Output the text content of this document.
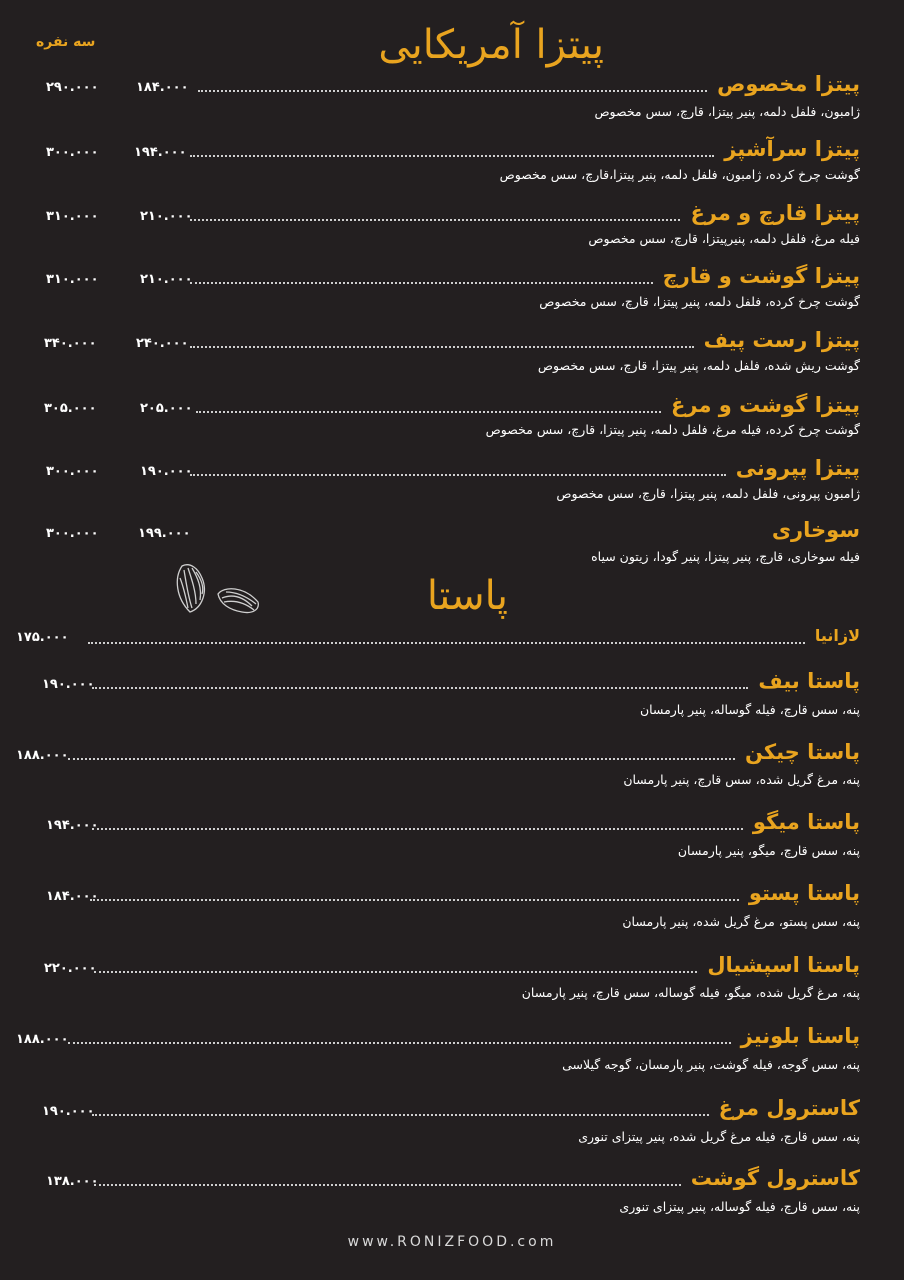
پیتزا آمریکایی
سه نفره
پیتزا مخصوص
۱۸۴.۰۰۰
۲۹۰.۰۰۰
ژامبون، فلفل دلمه، پنیر پیتزا، قارچ، سس مخصوص
پیتزا سرآشپز
۱۹۴.۰۰۰
۳۰۰.۰۰۰
گوشت چرخ کرده، ژامبون، فلفل دلمه، پنیر پیتزا،قارچ، سس مخصوص
پیتزا قارچ و مرغ
۲۱۰.۰۰۰
۳۱۰.۰۰۰
فیله مرغ، فلفل دلمه، پنیرپیتزا، قارچ، سس مخصوص
پیتزا گوشت و قارچ
۲۱۰.۰۰۰
۳۱۰.۰۰۰
گوشت چرخ کرده، فلفل دلمه، پنیر پیتزا، قارچ، سس مخصوص
پیتزا رست پیف
۲۴۰.۰۰۰
۳۴۰.۰۰۰
گوشت ریش شده، فلفل دلمه، پنیر پیتزا، قارچ، سس مخصوص
پیتزا گوشت و مرغ
۲۰۵.۰۰۰
۳۰۵.۰۰۰
گوشت چرخ کرده، فیله مرغ، فلفل دلمه، پنیر پیتزا، قارچ، سس مخصوص
پیتزا پپرونی
۱۹۰.۰۰۰
۳۰۰.۰۰۰
ژامبون پپرونی، فلفل دلمه، پنیر پیتزا، قارچ، سس مخصوص
سوخاری
۱۹۹.۰۰۰
۳۰۰.۰۰۰
فیله سوخاری، قارچ، پنیر پیتزا، پنیر گودا، زیتون سیاه
پاستا
لازانیا
۱۷۵.۰۰۰
پاستا بیف
۱۹۰.۰۰۰
پنه، سس قارچ، فیله گوساله، پنیر پارمسان
پاستا چیکن
۱۸۸.۰۰۰
پنه، مرغ گریل شده، سس قارچ، پنیر پارمسان
پاستا میگو
۱۹۴.۰۰۰
پنه، سس قارچ، میگو، پنیر پارمسان
پاستا پستو
۱۸۴.۰۰۰
پنه، سس پستو، مرغ گریل شده، پنیر پارمسان
پاستا اسپشیال
۲۲۰.۰۰۰
پنه، مرغ گریل شده، میگو، فیله گوساله، سس قارچ، پنیر پارمسان
پاستا بلونیز
۱۸۸.۰۰۰
پنه، سس گوجه، فیله گوشت، پنیر پارمسان، گوجه گیلاسی
کاسترول مرغ
۱۹۰.۰۰۰
پنه، سس قارچ، فیله مرغ گریل شده، پنیر پیتزای تنوری
کاسترول گوشت
۱۳۸.۰۰۰
پنه، سس قارچ، فیله گوساله، پنیر پیتزای تنوری
www.RONIZFOOD.com
